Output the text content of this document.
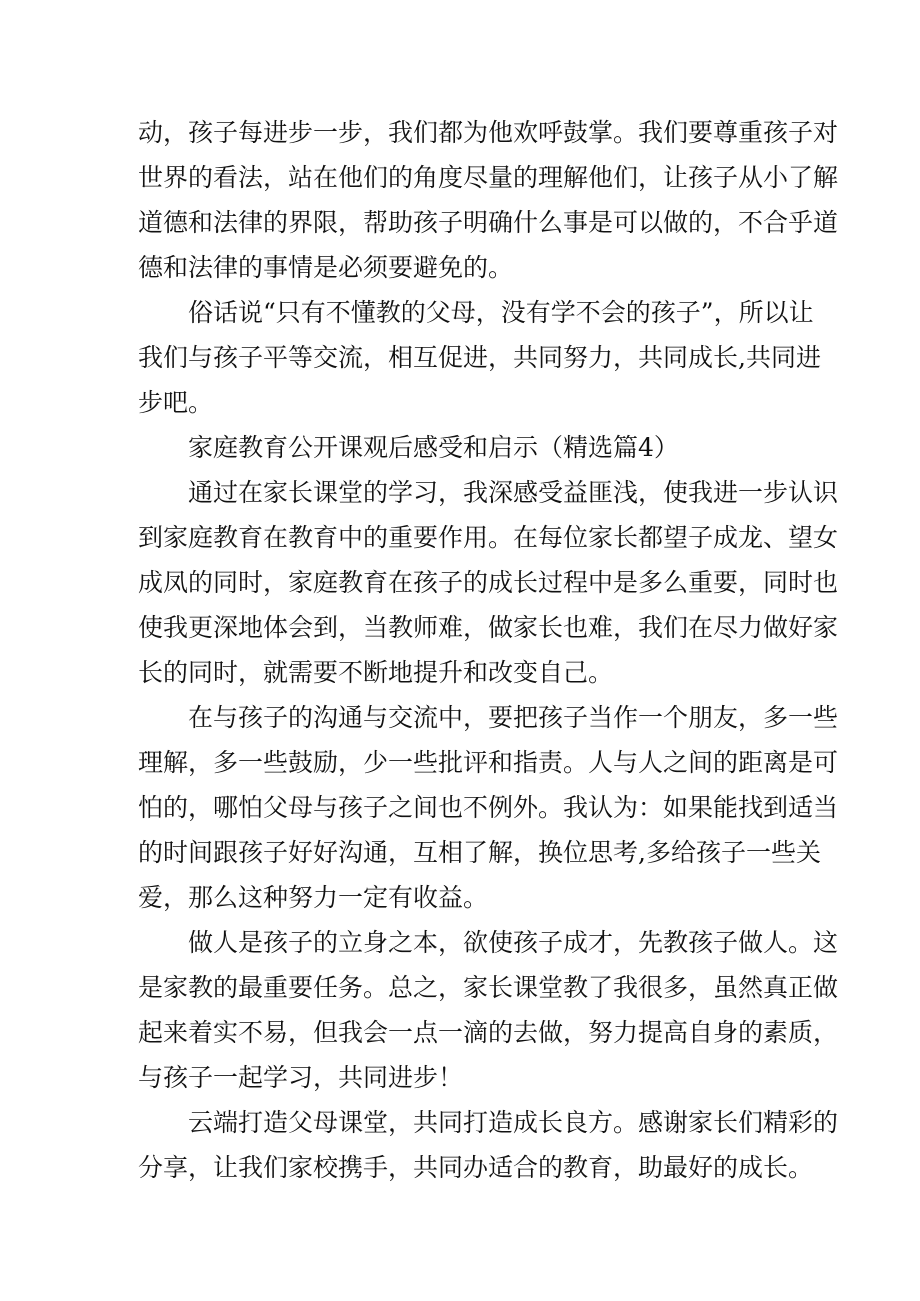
动，孩子每进步一步，我们都为他欢呼鼓掌。我们要尊重孩子对
世界的看法，站在他们的角度尽量的理解他们，让孩子从小了解
道德和法律的界限，帮助孩子明确什么事是可以做的，不合乎道
德和法律的事情是必须要避免的。
俗话说“只有不懂教的父母，没有学不会的孩子”，所以让
我们与孩子平等交流，相互促进，共同努力，共同成长,共同进
步吧。
家庭教育公开课观后感受和启示（精选篇4）
通过在家长课堂的学习，我深感受益匪浅，使我进一步认识
到家庭教育在教育中的重要作用。在每位家长都望子成龙、望女
成凤的同时，家庭教育在孩子的成长过程中是多么重要，同时也
使我更深地体会到，当教师难，做家长也难，我们在尽力做好家
长的同时，就需要不断地提升和改变自己。
在与孩子的沟通与交流中，要把孩子当作一个朋友，多一些
理解，多一些鼓励，少一些批评和指责。人与人之间的距离是可
怕的，哪怕父母与孩子之间也不例外。我认为：如果能找到适当
的时间跟孩子好好沟通，互相了解，换位思考,多给孩子一些关
爱，那么这种努力一定有收益。
做人是孩子的立身之本，欲使孩子成才，先教孩子做人。这
是家教的最重要任务。总之，家长课堂教了我很多，虽然真正做
起来着实不易，但我会一点一滴的去做，努力提高自身的素质，
与孩子一起学习，共同进步！
云端打造父母课堂，共同打造成长良方。感谢家长们精彩的
分享，让我们家校携手，共同办适合的教育，助最好的成长。
